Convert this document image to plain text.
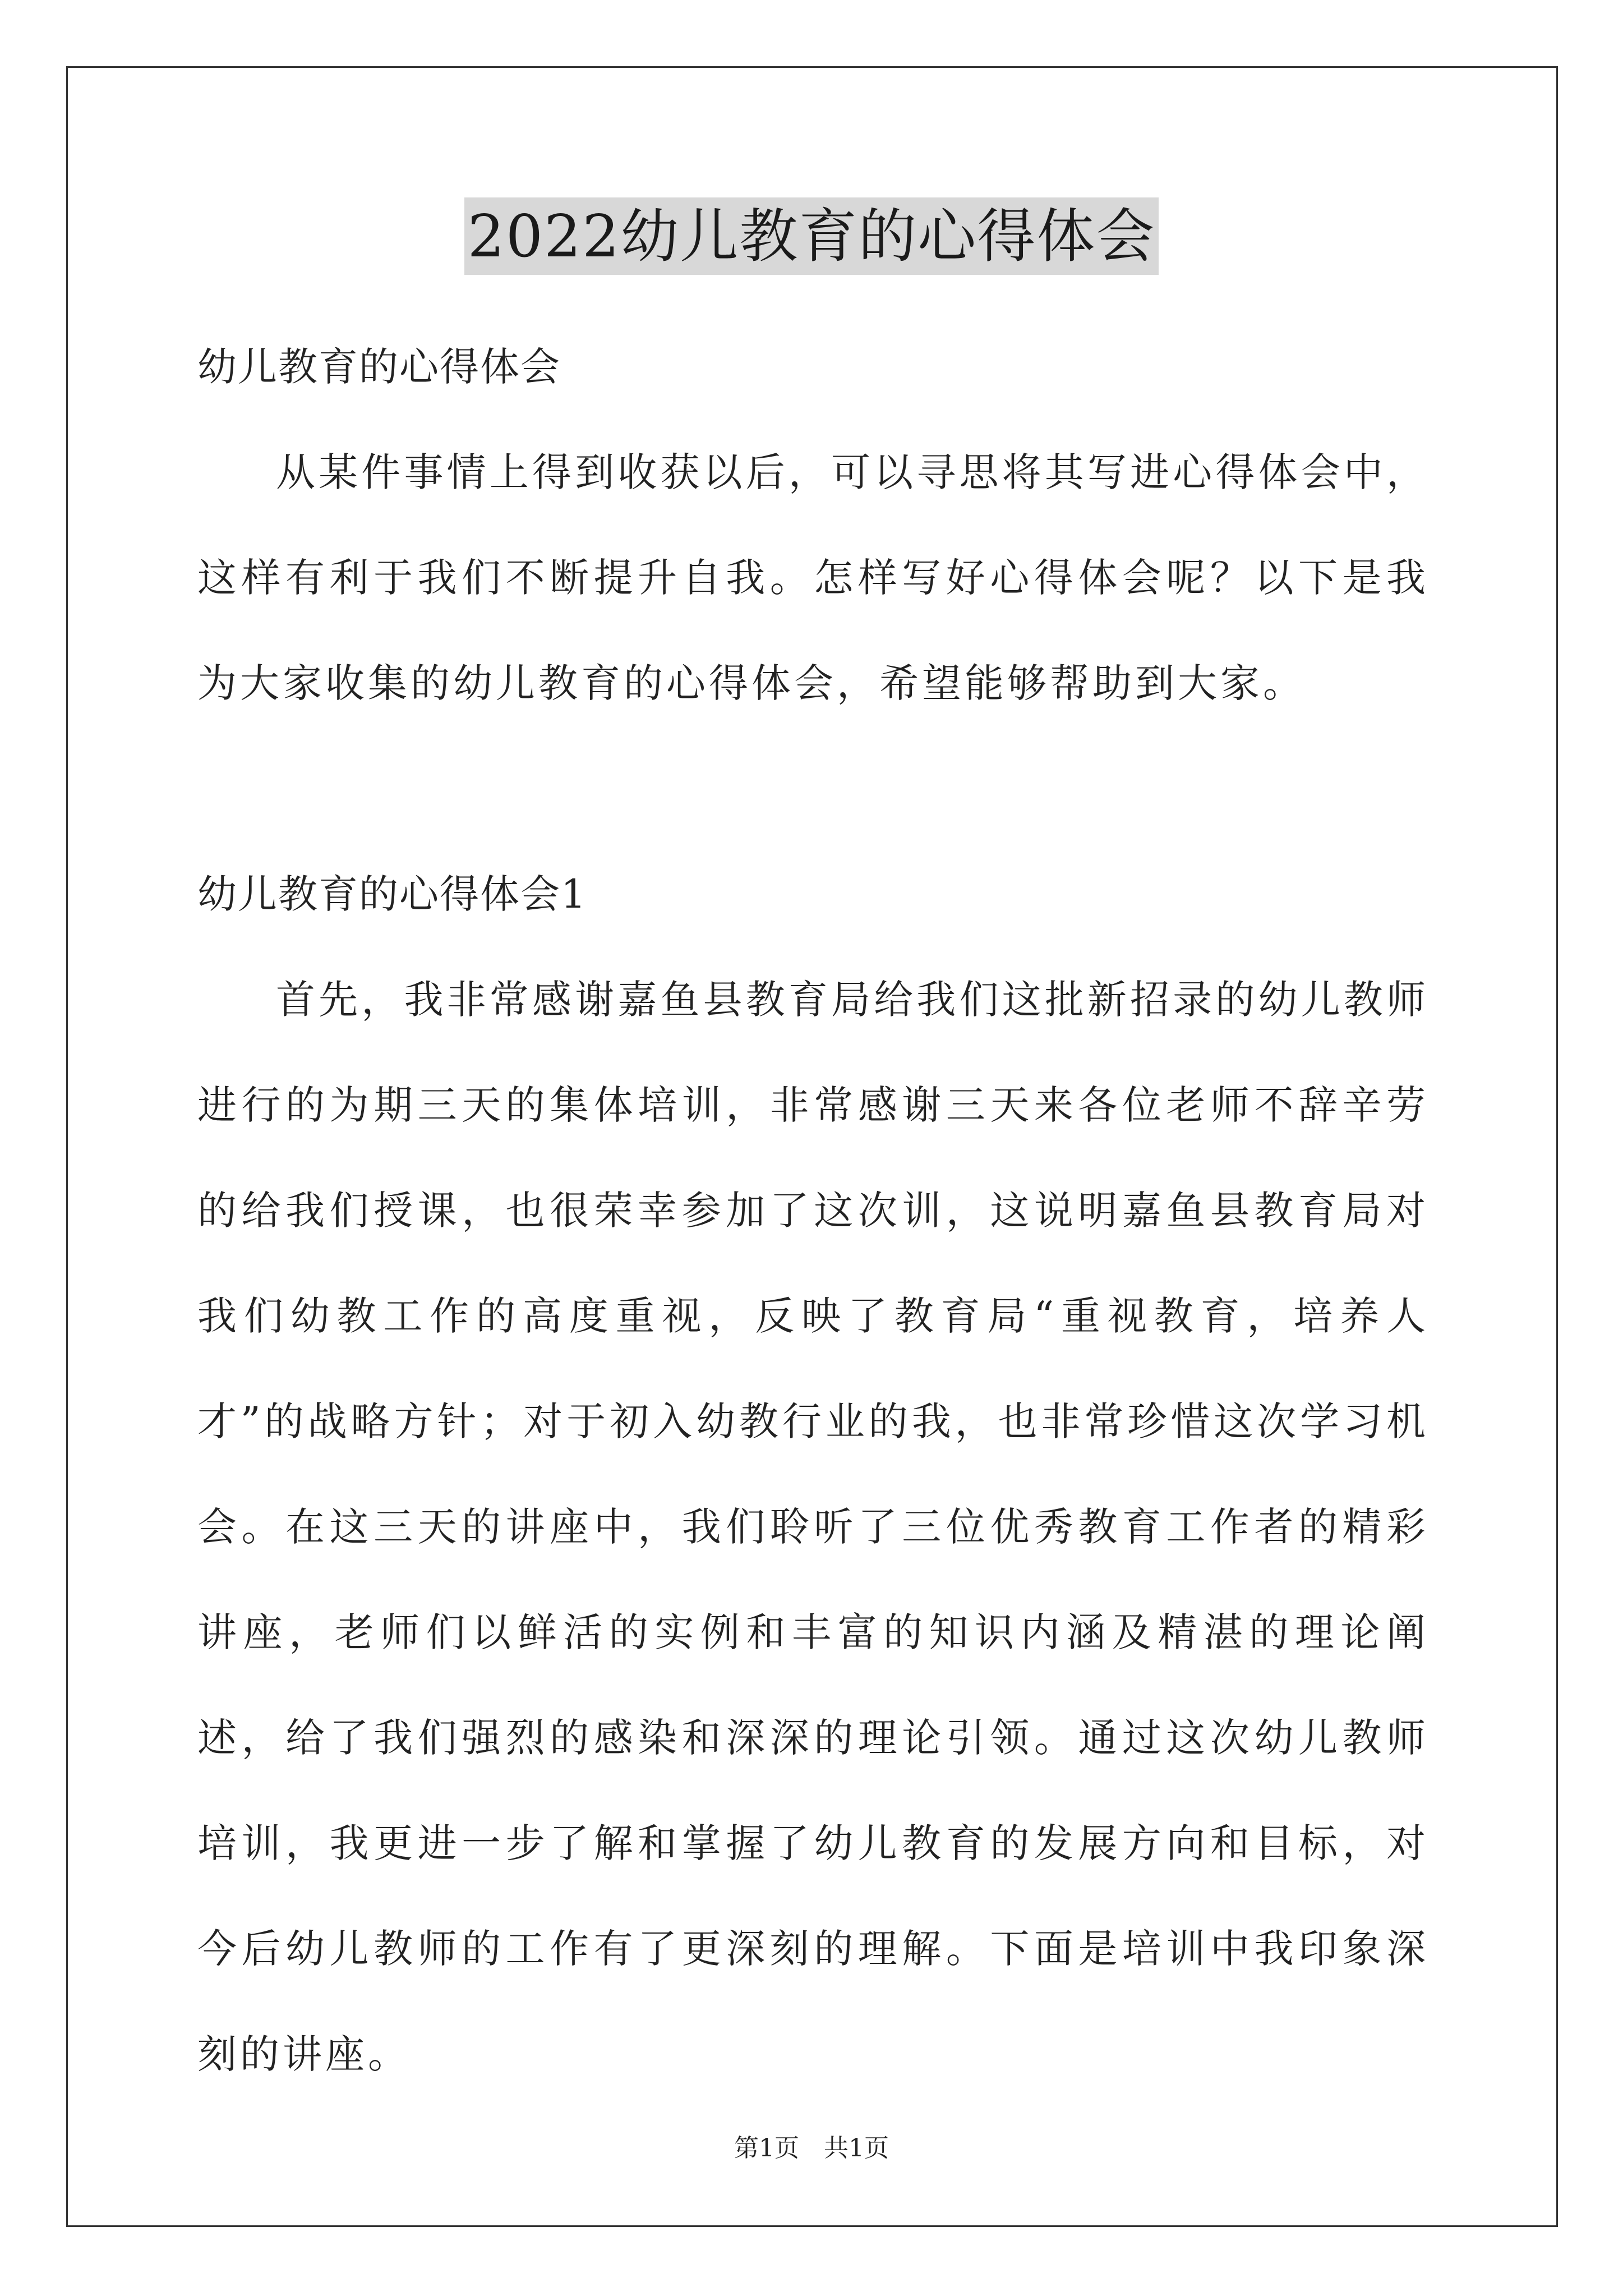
2022幼儿教育的心得体会

幼儿教育的心得体会

从某件事情上得到收获以后，可以寻思将其写进心得体会中，这样有利于我们不断提升自我。怎样写好心得体会呢？以下是我为大家收集的幼儿教育的心得体会，希望能够帮助到大家。

幼儿教育的心得体会1

首先，我非常感谢嘉鱼县教育局给我们这批新招录的幼儿教师进行的为期三天的集体培训，非常感谢三天来各位老师不辞辛劳的给我们授课，也很荣幸参加了这次训，这说明嘉鱼县教育局对我们幼教工作的高度重视，反映了教育局“重视教育，培养人才”的战略方针；对于初入幼教行业的我，也非常珍惜这次学习机会。在这三天的讲座中，我们聆听了三位优秀教育工作者的精彩讲座，老师们以鲜活的实例和丰富的知识内涵及精湛的理论阐述，给了我们强烈的感染和深深的理论引领。通过这次幼儿教师培训，我更进一步了解和掌握了幼儿教育的发展方向和目标，对今后幼儿教师的工作有了更深刻的理解。下面是培训中我印象深刻的讲座。

第1页　共1页
